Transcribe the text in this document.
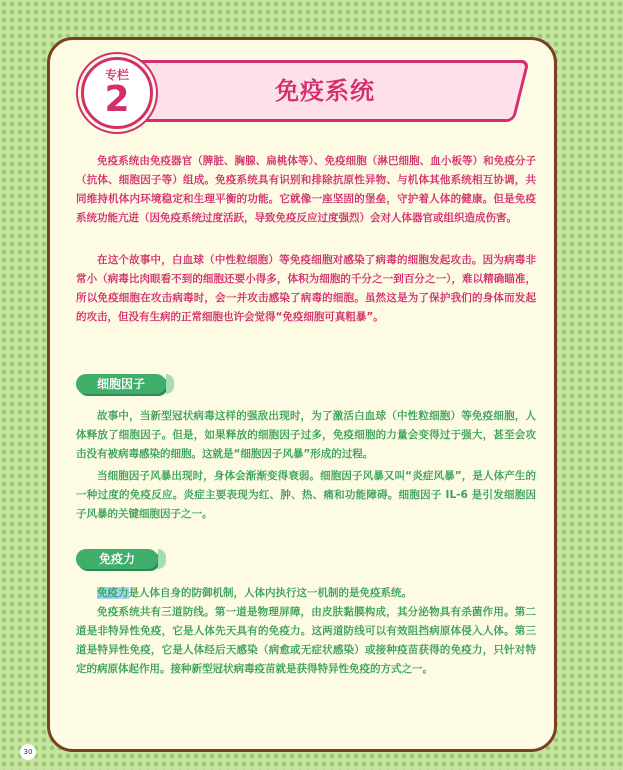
免疫系统
专栏
2

免疫系统由免疫器官（脾脏、胸腺、扁桃体等）、免疫细胞（淋巴细胞、血小板等）和免疫分子（抗体、细胞因子等）组成。免疫系统具有识别和排除抗原性异物、与机体其他系统相互协调，共同维持机体内环境稳定和生理平衡的功能。它就像一座坚固的堡垒，守护着人体的健康。但是免疫系统功能亢进（因免疫系统过度活跃，导致免疫反应过度强烈）会对人体器官或组织造成伤害。

在这个故事中，白血球（中性粒细胞）等免疫细胞对感染了病毒的细胞发起攻击。因为病毒非常小（病毒比肉眼看不到的细胞还要小得多，体积为细胞的千分之一到百分之一），难以精确瞄准，所以免疫细胞在攻击病毒时，会一并攻击感染了病毒的细胞。虽然这是为了保护我们的身体而发起的攻击，但没有生病的正常细胞也许会觉得“免疫细胞可真粗暴”。

细胞因子

故事中，当新型冠状病毒这样的强敌出现时，为了激活白血球（中性粒细胞）等免疫细胞，人体释放了细胞因子。但是，如果释放的细胞因子过多，免疫细胞的力量会变得过于强大，甚至会攻击没有被病毒感染的细胞。这就是“细胞因子风暴”形成的过程。

当细胞因子风暴出现时，身体会渐渐变得衰弱。细胞因子风暴又叫“炎症风暴”，是人体产生的一种过度的免疫反应。炎症主要表现为红、肿、热、痛和功能障碍。细胞因子 IL-6 是引发细胞因子风暴的关键细胞因子之一。

免疫力

免疫力是人体自身的防御机制，人体内执行这一机制的是免疫系统。

免疫系统共有三道防线。第一道是物理屏障，由皮肤黏膜构成，其分泌物具有杀菌作用。第二道是非特异性免疫，它是人体先天具有的免疫力。这两道防线可以有效阻挡病原体侵入人体。第三道是特异性免疫，它是人体经后天感染（病愈或无症状感染）或接种疫苗获得的免疫力，只针对特定的病原体起作用。接种新型冠状病毒疫苗就是获得特异性免疫的方式之一。

30
